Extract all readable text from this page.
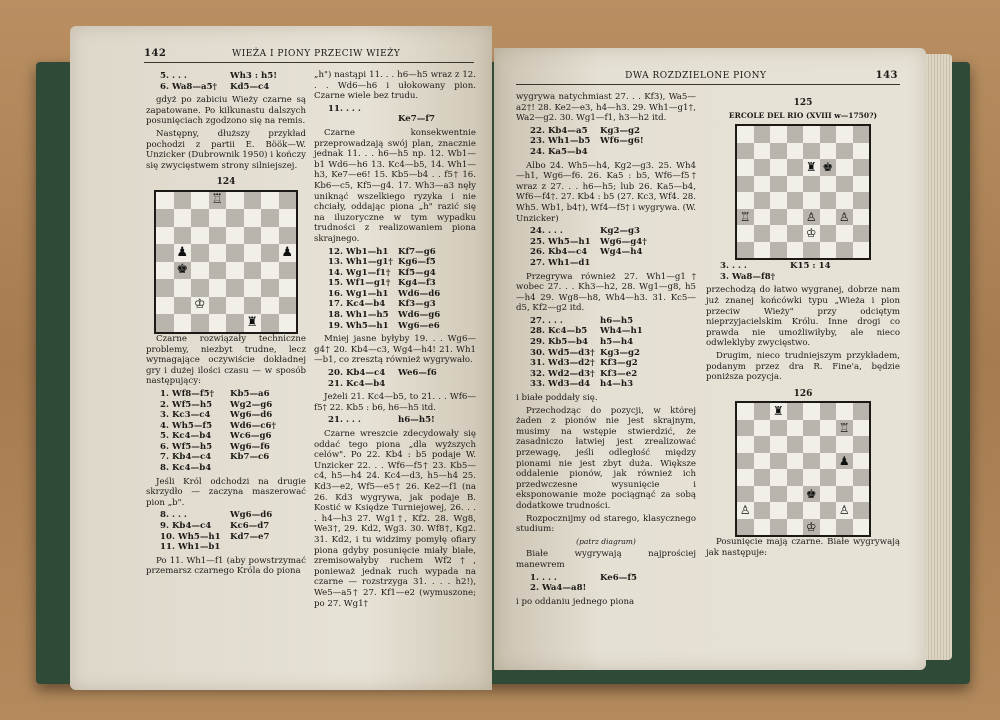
142	WIEŻA I PIONY PRZECIW WIEŻY
5. . . .	Wh3 : h5!
6. Wa8—a5†	Kd5—c4

gdyż po zabiciu Wieży czarne są zapatowane. Po kilkunastu dalszych posunięciach zgodzono się na remis.

Następny, dłuższy przykład pochodzi z partii E. Böök—W. Unzicker (Dubrownik 1950) i kończy się zwycięstwem strony silniejszej.

124
♖
♟	♟
♚
♔
♜

Czarne rozwiązały techniczne problemy, niezbyt trudne, lecz wymagające oczywiście dokładnej gry i dużej ilości czasu — w sposób następujący:

1. Wf8—f5†	Kb5—a6
2. Wf5—h5	Wg2—g6
3. Kc3—c4	Wg6—d6
4. Wh5—f5	Wd6—c6†
5. Kc4—b4	Wc6—g6
6. Wf5—h5	Wg6—f6
7. Kb4—c4	Kb7—c6
8. Kc4—b4

Jeśli Król odchodzi na drugie skrzydło — zaczyna maszerować pion „b".

8. . . .	Wg6—d6
9. Kb4—c4	Kc6—d7
10. Wh5—h1	Kd7—e7
11. Wh1—b1

Po 11. Wh1—f1 (aby powstrzymać przemarsz czarnego Króla do piona

„h") nastąpi 11. . . h6—h5 wraz z 12. . . Wd6—h6 i ułokowany pion. Czarne wiele bez trudu.

11. . . .
Ke7—f7

Czarne konsekwentnie przeprowadzają swój plan, znacznie jednak 11. . . h6—h5 np. 12. Wb1—b1 Wd6—h6 13. Kc4—b5, 14. Wh1—h3, Ke7—e6! 15. Kb5—b4 . . f5† 16. Kb6—c5, Kf5—g4. 17. Wh3—a3 nęły uniknąć wszelkiego ryzyka i nie chciały, oddając piona „h" razić się na iluzoryczne w tym wypadku trudności z realizowaniem piona skrajnego.

12. Wb1—h1	Kf7—g6
13. Wh1—g1† Kg6—f5
14. Wg1—f1† Kf5—g4
15. Wf1—g1† Kg4—f3
16. Wg1—h1	Wd6—d6
17. Kc4—b4	Kf3—g3
18. Wh1—h5	Wd6—g6
19. Wh5—h1	Wg6—e6

Mniej jasne byłyby 19. . . Wg6—g4† 20. Kb4—c3, Wg4—h4! 21. Wh1—b1, co zresztą również wygrywało.

20. Kb4—c4	We6—f6
21. Kc4—b4

Jeżeli 21. Kc4—b5, to 21. . . Wf6—f5† 22. Kb5 : b6, h6—h5 itd.

21. . . .	h6—h5!

Czarne wreszcie zdecydowały się oddać tego piona „dla wyższych celów". Po 22. Kb4 : b5 podaje W. Unzicker 22. . . Wf6—f5† 23. Kb5—c4, h5—h4 24. Kc4—d3, h5—h4 25. Kd3—e2, Wf5—e5† 26. Ke2—f1 (na 26. Kd3 wygrywa, jak podaje B. Kostić w Księdze Turniejowej, 26. . . . h4—h3 27. Wg1†, Kf2. 28. Wg8, We3†, 29. Kd2, Wg3. 30. Wf8†, Kg2. 31. Kd2, i tu widzimy pomyłę ofiary piona gdyby posunięcie miały białe, zremisowałyby ruchem Wf2†, ponieważ jednak ruch wypada na czarne — rozstrzyga 31. . . . h2!), We5—a5† 27. Kf1—e2 (wymuszone; po 27. Wg1†

DWA ROZDZIELONE PIONY	143

wygrywa natychmiast 27. . . Kf3), Wa5—a2†! 28. Ke2—e3, h4—h3. 29. Wh1—g1†, Wa2—g2. 30. Wg1—f1, h3—h2 itd.

22. Kb4—a5	Kg3—g2
23. Wh1—b5	Wf6—g6!
24. Ka5—b4

Albo 24. Wh5—h4, Kg2—g3. 25. Wh4—h1, Wg6—f6. 26. Ka5 : b5, Wf6—f5† wraz z 27. . . h6—h5; lub 26. Ka5—b4, Wf6—f4†. 27. Kb4 : b5 (27. Kc3, Wf4. 28. Wh5. Wb1, b4†), Wf4—f5† i wygrywa. (W. Unzicker)

24. . . .	Kg2—g3
25. Wh5—h1	Wg6—g4†
26. Kb4—c4	Wg4—h4
27. Wh1—d1

Przegrywa również 27. Wh1—g1† wobec 27. . . Kh3—h2, 28. Wg1—g8, h5—h4 29. Wg8—h8, Wh4—h3. 31. Kc5—d5, Kf2—g2 itd.

27. . . .	h6—h5
28. Kc4—b5	Wh4—h1
29. Kb5—b4	h5—h4
30. Wd5—d3† Kg3—g2
31. Wd3—d2† Kf3—g2
32. Wd2—d3† Kf3—e2
33. Wd3—d4	h4—h3

i białe poddały się.

Przechodząc do pozycji, w której żaden z pionów nie jest skrajnym, musimy na wstępie stwierdzić, że zasadniczo łatwiej jest zrealizować przewagę, jeśli odległość między pionami nie jest zbyt duża. Większe oddalenie pionów, jak również ich przedwczesne wysunięcie i eksponowanie może pociągnąć za sobą dodatkowe trudności.

Rozpocznijmy od starego, klasycznego studium:

(patrz diagram)

Białe wygrywają najprościej manewrem

1. . . .	Ke6—f5
2. Wa4—a8!

i po oddaniu jednego piona

125
ERCOLE DEL RIO (XVIII w—1750?)
♜ ♚
♖	♙ ♙
♔
3. . . .	K15 : 14
3. Wa8—f8†

przechodzą do łatwo wygranej, dobrze nam już znanej końcówki typu „Wieża i pion przeciw Wieży" przy odciętym nieprzyjacielskim Królu. Inne drogi co prawda nie umożliwiłyby, ale nieco odwleklyby zwycięstwo.

Drugim, nieco trudniejszym przykładem, podanym przez dra R. Fine'a, będzie poniższa pozycja.

126
♜
♖
♟
♚
♙	♙
♔

Posunięcie mają czarne. Białe wygrywają jak następuje:
